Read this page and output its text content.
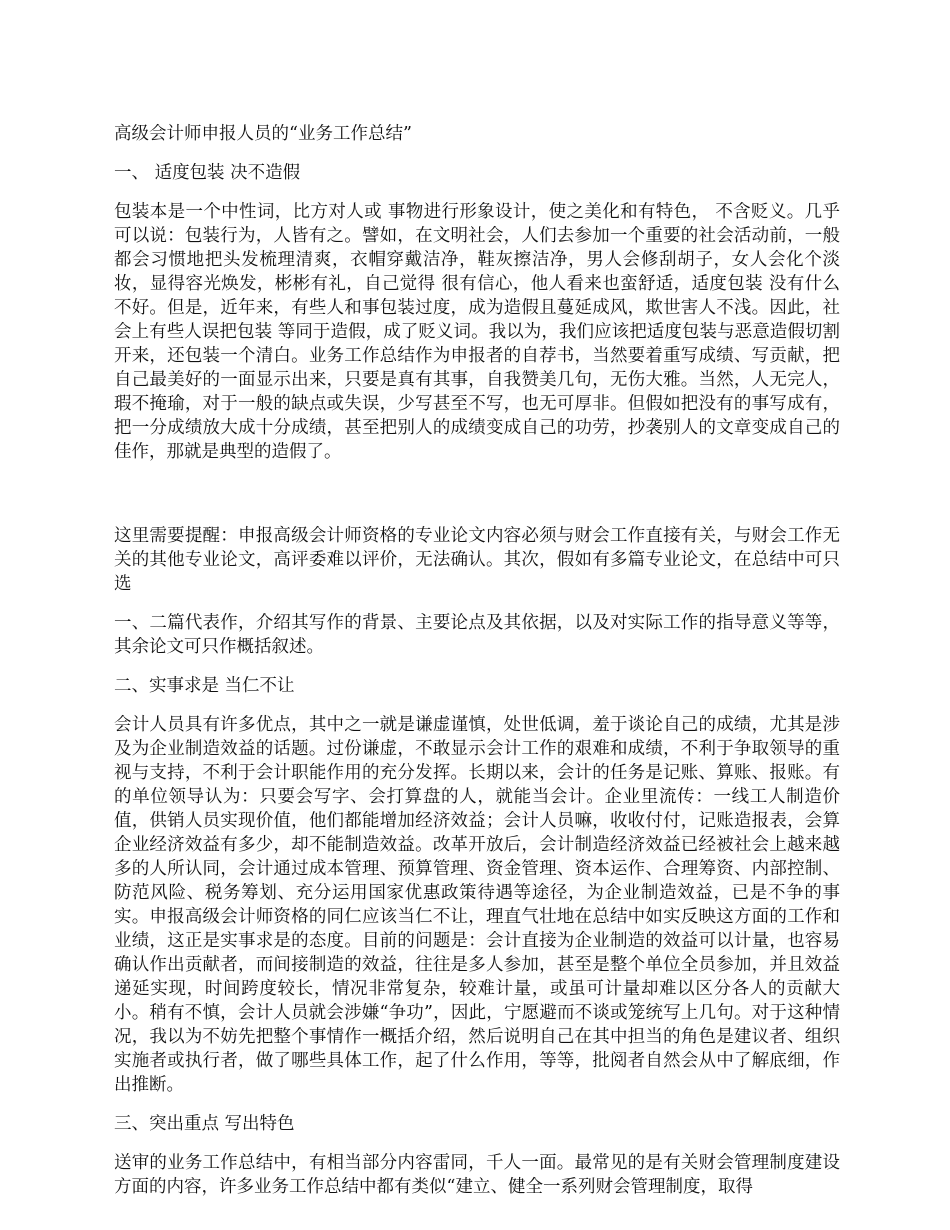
高级会计师申报人员的“业务工作总结”
一、 适度包装 决不造假
包装本是一个中性词，比方对人或 事物进行形象设计，使之美化和有特色， 不含贬义。几乎可以说：包装行为，人皆有之。譬如，在文明社会，人们去参加一个重要的社会活动前，一般都会习惯地把头发梳理清爽，衣帽穿戴洁净，鞋灰擦洁净，男人会修刮胡子，女人会化个淡妆，显得容光焕发，彬彬有礼，自己觉得 很有信心，他人看来也蛮舒适，适度包装 没有什么不好。但是，近年来，有些人和事包装过度，成为造假且蔓延成风，欺世害人不浅。因此，社会上有些人误把包装 等同于造假，成了贬义词。我以为，我们应该把适度包装与恶意造假切割开来，还包装一个清白。业务工作总结作为申报者的自荐书，当然要着重写成绩、写贡献，把自己最美好的一面显示出来，只要是真有其事，自我赞美几句，无伤大雅。当然，人无完人，瑕不掩瑜，对于一般的缺点或失误，少写甚至不写，也无可厚非。但假如把没有的事写成有，把一分成绩放大成十分成绩，甚至把别人的成绩变成自己的功劳，抄袭别人的文章变成自己的佳作，那就是典型的造假了。
这里需要提醒：申报高级会计师资格的专业论文内容必须与财会工作直接有关，与财会工作无关的其他专业论文，高评委难以评价，无法确认。其次，假如有多篇专业论文，在总结中可只选
一、二篇代表作，介绍其写作的背景、主要论点及其依据，以及对实际工作的指导意义等等，其余论文可只作概括叙述。
二、实事求是 当仁不让
会计人员具有许多优点，其中之一就是谦虚谨慎，处世低调，羞于谈论自己的成绩，尤其是涉及为企业制造效益的话题。过份谦虚，不敢显示会计工作的艰难和成绩，不利于争取领导的重视与支持，不利于会计职能作用的充分发挥。长期以来，会计的任务是记账、算账、报账。有的单位领导认为：只要会写字、会打算盘的人，就能当会计。企业里流传：一线工人制造价值，供销人员实现价值，他们都能增加经济效益；会计人员嘛，收收付付，记账造报表，会算企业经济效益有多少，却不能制造效益。改革开放后，会计制造经济效益已经被社会上越来越多的人所认同，会计通过成本管理、预算管理、资金管理、资本运作、合理筹资、内部控制、防范风险、税务筹划、充分运用国家优惠政策待遇等途径，为企业制造效益，已是不争的事实。申报高级会计师资格的同仁应该当仁不让，理直气壮地在总结中如实反映这方面的工作和业绩，这正是实事求是的态度。目前的问题是：会计直接为企业制造的效益可以计量，也容易确认作出贡献者，而间接制造的效益，往往是多人参加，甚至是整个单位全员参加，并且效益递延实现，时间跨度较长，情况非常复杂，较难计量，或虽可计量却难以区分各人的贡献大小。稍有不慎，会计人员就会涉嫌“争功”，因此，宁愿避而不谈或笼统写上几句。对于这种情况，我以为不妨先把整个事情作一概括介绍，然后说明自己在其中担当的角色是建议者、组织实施者或执行者，做了哪些具体工作，起了什么作用，等等，批阅者自然会从中了解底细，作出推断。
三、突出重点 写出特色
送审的业务工作总结中，有相当部分内容雷同，千人一面。最常见的是有关财会管理制度建设方面的内容，许多业务工作总结中都有类似“建立、健全一系列财会管理制度，取得
